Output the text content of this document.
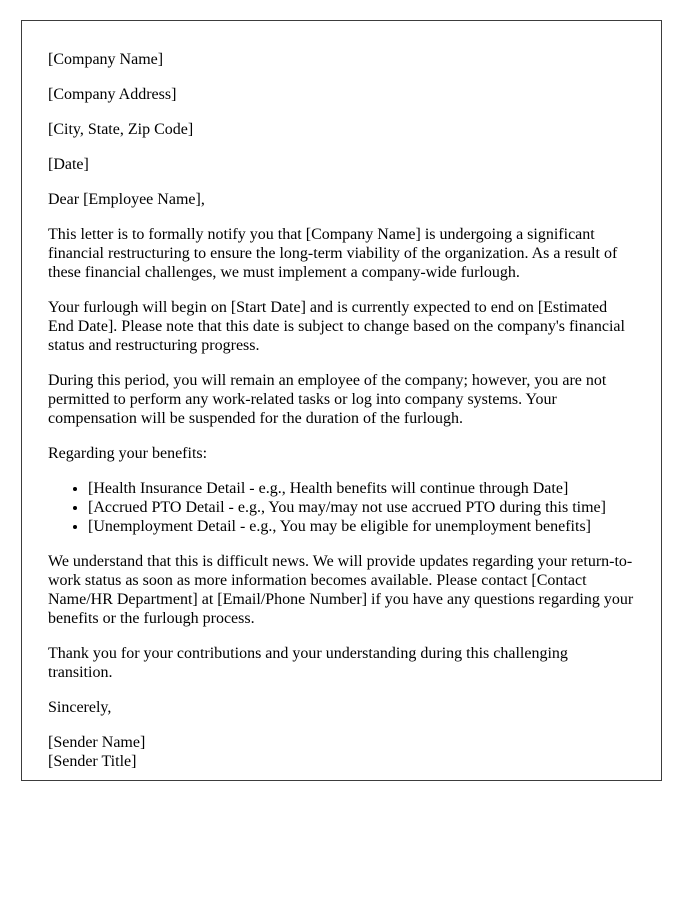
[Company Name]

[Company Address]

[City, State, Zip Code]

[Date]

Dear [Employee Name],

This letter is to formally notify you that [Company Name] is undergoing a significant financial restructuring to ensure the long-term viability of the organization. As a result of these financial challenges, we must implement a company-wide furlough.

Your furlough will begin on [Start Date] and is currently expected to end on [Estimated End Date]. Please note that this date is subject to change based on the company's financial status and restructuring progress.

During this period, you will remain an employee of the company; however, you are not permitted to perform any work-related tasks or log into company systems. Your compensation will be suspended for the duration of the furlough.

Regarding your benefits:

• [Health Insurance Detail - e.g., Health benefits will continue through Date]
• [Accrued PTO Detail - e.g., You may/may not use accrued PTO during this time]
• [Unemployment Detail - e.g., You may be eligible for unemployment benefits]

We understand that this is difficult news. We will provide updates regarding your return-to-work status as soon as more information becomes available. Please contact [Contact Name/HR Department] at [Email/Phone Number] if you have any questions regarding your benefits or the furlough process.

Thank you for your contributions and your understanding during this challenging transition.

Sincerely,

[Sender Name]
[Sender Title]
